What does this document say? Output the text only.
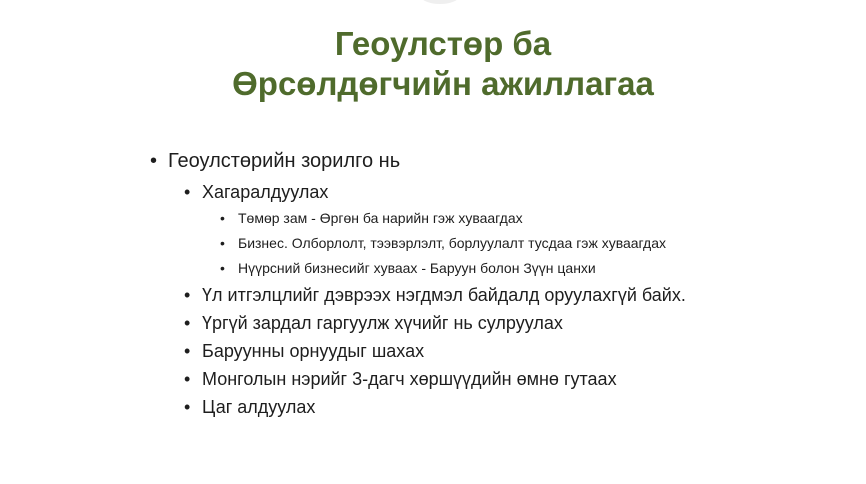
Геоулстөр ба
Өрсөлдөгчийн ажиллагаа
• Геоулстөрийн зорилго нь
• Хагаралдуулах
• Төмөр зам - Өргөн ба нарийн гэж хуваагдах
• Бизнес. Олборлолт, тээвэрлэлт, борлуулалт тусдаа гэж хуваагдах
• Нүүрсний бизнесийг хуваах - Баруун болон Зүүн цанхи
• Үл итгэлцлийг дэврээх нэгдмэл байдалд оруулахгүй байх.
• Үргүй зардал гаргуулж хүчийг нь сулруулах
• Баруунны орнуудыг шахах
• Монголын нэрийг 3-дагч хөршүүдийн өмнө гутаах
• Цаг алдуулах
